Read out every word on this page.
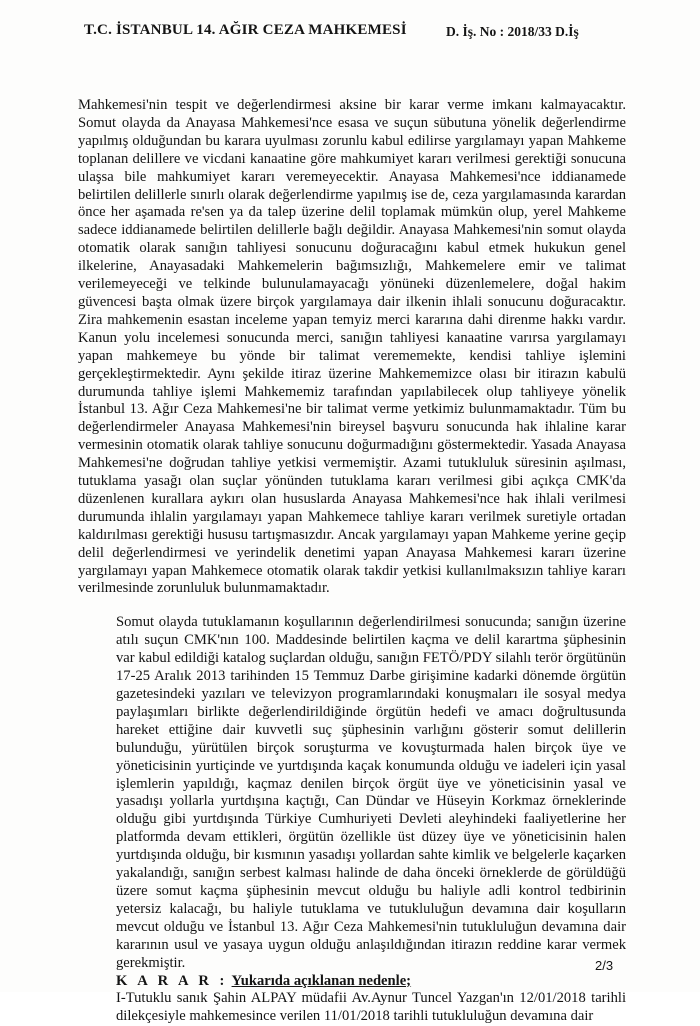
T.C. İSTANBUL 14. AĞIR CEZA MAHKEMESİ	D. İş. No : 2018/33 D.İş

Mahkemesi'nin tespit ve değerlendirmesi aksine bir karar verme imkanı kalmayacaktır. Somut olayda da Anayasa Mahkemesi'nce esasa ve suçun sübutuna yönelik değerlendirme yapılmış olduğundan bu karara uyulması zorunlu kabul edilirse yargılamayı yapan Mahkeme toplanan delillere ve vicdani kanaatine göre mahkumiyet kararı verilmesi gerektiği sonucuna ulaşsa bile mahkumiyet kararı veremeyecektir. Anayasa Mahkemesi'nce iddianamede belirtilen delillerle sınırlı olarak değerlendirme yapılmış ise de, ceza yargılamasında karardan önce her aşamada re'sen ya da talep üzerine delil toplamak mümkün olup, yerel Mahkeme sadece iddianamede belirtilen delillerle bağlı değildir. Anayasa Mahkemesi'nin somut olayda otomatik olarak sanığın tahliyesi sonucunu doğuracağını kabul etmek hukukun genel ilkelerine, Anayasadaki Mahkemelerin bağımsızlığı, Mahkemelere emir ve talimat verilemeyeceği ve telkinde bulunulamayacağı yönüneki düzenlemelere, doğal hakim güvencesi başta olmak üzere birçok yargılamaya dair ilkenin ihlali sonucunu doğuracaktır. Zira mahkemenin esastan inceleme yapan temyiz merci kararına dahi direnme hakkı vardır. Kanun yolu incelemesi sonucunda merci, sanığın tahliyesi kanaatine varırsa yargılamayı yapan mahkemeye bu yönde bir talimat verememekte, kendisi tahliye işlemini gerçekleştirmektedir. Aynı şekilde itiraz üzerine Mahkememizce olası bir itirazın kabulü durumunda tahliye işlemi Mahkememiz tarafından yapılabilecek olup tahliyeye yönelik İstanbul 13. Ağır Ceza Mahkemesi'ne bir talimat verme yetkimiz bulunmamaktadır. Tüm bu değerlendirmeler Anayasa Mahkemesi'nin bireysel başvuru sonucunda hak ihlaline karar vermesinin otomatik olarak tahliye sonucunu doğurmadığını göstermektedir. Yasada Anayasa Mahkemesi'ne doğrudan tahliye yetkisi vermemiştir. Azami tutukluluk süresinin aşılması, tutuklama yasağı olan suçlar yönünden tutuklama kararı verilmesi gibi açıkça CMK'da düzenlenen kurallara aykırı olan hususlarda Anayasa Mahkemesi'nce hak ihlali verilmesi durumunda ihlalin yargılamayı yapan Mahkemece tahliye kararı verilmek suretiyle ortadan kaldırılması gerektiği hususu tartışmasızdır. Ancak yargılamayı yapan Mahkeme yerine geçip delil değerlendirmesi ve yerindelik denetimi yapan Anayasa Mahkemesi kararı üzerine yargılamayı yapan Mahkemece otomatik olarak takdir yetkisi kullanılmaksızın tahliye kararı verilmesinde zorunluluk bulunmamaktadır.

Somut olayda tutuklamanın koşullarının değerlendirilmesi sonucunda; sanığın üzerine atılı suçun CMK'nın 100. Maddesinde belirtilen kaçma ve delil karartma şüphesinin var kabul edildiği katalog suçlardan olduğu, sanığın FETÖ/PDY silahlı terör örgütünün 17-25 Aralık 2013 tarihinden 15 Temmuz Darbe girişimine kadarki dönemde örgütün gazetesindeki yazıları ve televizyon programlarındaki konuşmaları ile sosyal medya paylaşımları birlikte değerlendirildiğinde örgütün hedefi ve amacı doğrultusunda hareket ettiğine dair kuvvetli suç şüphesinin varlığını gösterir somut delillerin bulunduğu, yürütülen birçok soruşturma ve kovuşturmada halen birçok üye ve yöneticisinin yurtiçinde ve yurtdışında kaçak konumunda olduğu ve iadeleri için yasal işlemlerin yapıldığı, kaçmaz denilen birçok örgüt üye ve yöneticisinin yasal ve yasadışı yollarla yurtdışına kaçtığı, Can Dündar ve Hüseyin Korkmaz örneklerinde olduğu gibi yurtdışında Türkiye Cumhuriyeti Devleti aleyhindeki faaliyetlerine her platformda devam ettikleri, örgütün özellikle üst düzey üye ve yöneticisinin halen yurtdışında olduğu, bir kısmının yasadışı yollardan sahte kimlik ve belgelerle kaçarken yakalandığı, sanığın serbest kalması halinde de daha önceki örneklerde de görüldüğü üzere somut kaçma şüphesinin mevcut olduğu bu haliyle adli kontrol tedbirinin yetersiz kalacağı, bu haliyle tutuklama ve tutukluluğun devamına dair koşulların mevcut olduğu ve İstanbul 13. Ağır Ceza Mahkemesi'nin tutukluluğun devamına dair kararının usul ve yasaya uygun olduğu anlaşıldığından itirazın reddine karar vermek gerekmiştir.

K A R A R : Yukarıda açıklanan nedenle;

I-Tutuklu sanık Şahin ALPAY müdafii Av.Aynur Tuncel Yazgan'ın 12/01/2018 tarihli dilekçesiyle mahkemesince verilen 11/01/2018 tarihli tutukluluğun devamına dair

2/3
